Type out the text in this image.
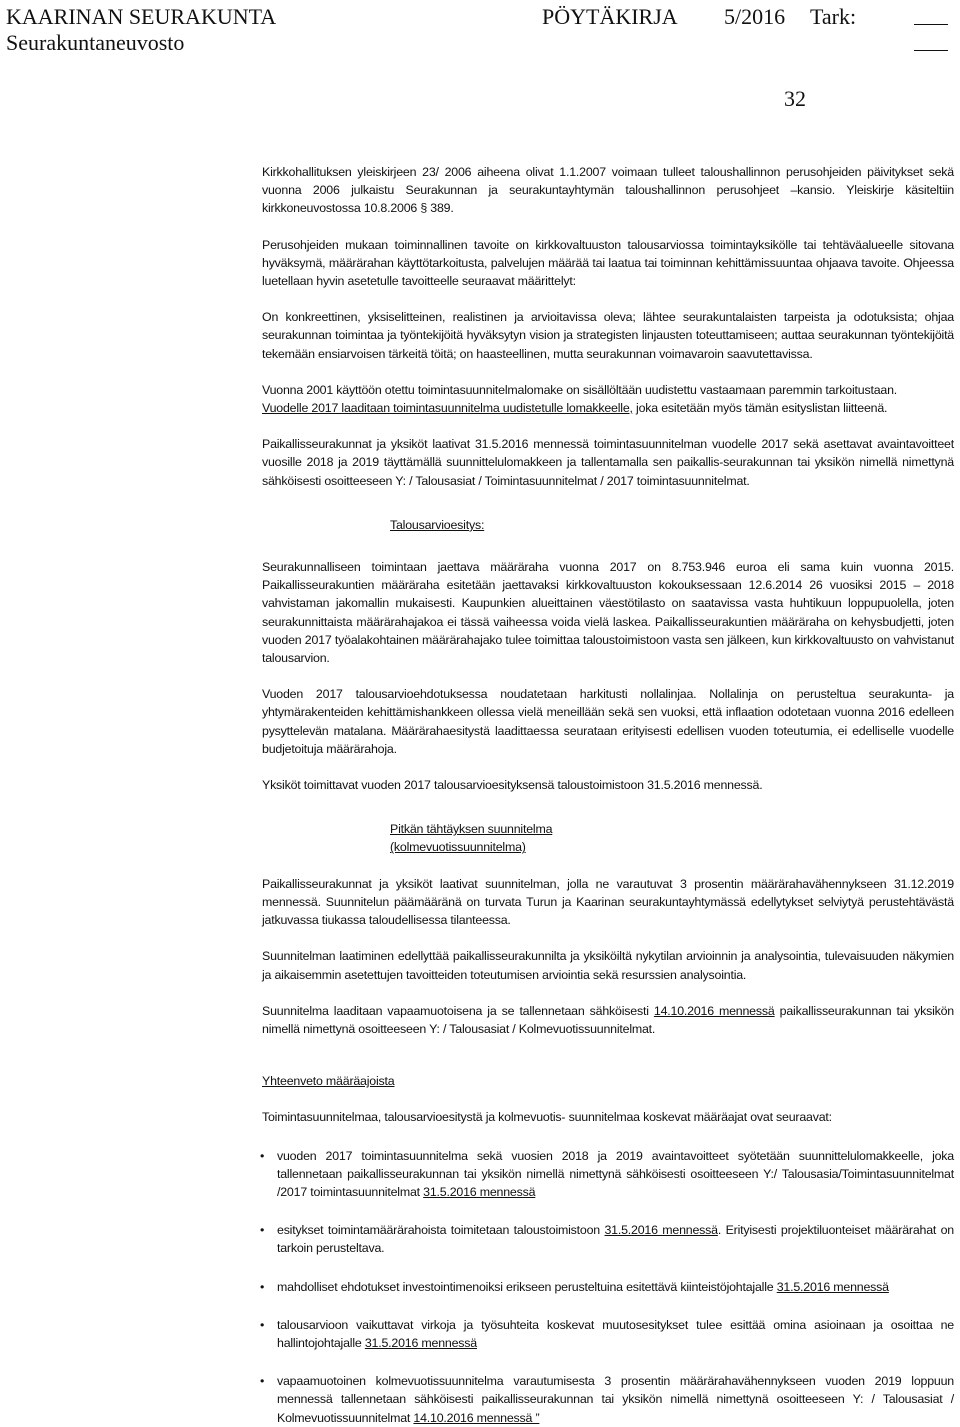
KAARINAN SEURAKUNTA	PÖYTÄKIRJA 5/2016 Tark:
Seurakuntaneuvosto
32

Kirkkohallituksen yleiskirjeen 23/ 2006 aiheena olivat 1.1.2007 voimaan tulleet taloushallinnon perusohjeiden päivitykset sekä vuonna 2006 julkaistu Seurakunnan ja seurakuntayhtymän taloushallinnon perusohjeet –kansio. Yleiskirje käsiteltiin kirkkoneuvostossa 10.8.2006 § 389.

Perusohjeiden mukaan toiminnallinen tavoite on kirkkovaltuuston talousarviossa toimintayksikölle tai tehtäväalueelle sitovana hyväksymä, määrärahan käyttötarkoitusta, palvelujen määrää tai laatua tai toiminnan kehittämissuuntaa ohjaava tavoite. Ohjeessa luetellaan hyvin asetetulle tavoitteelle seuraavat määrittelyt:

On konkreettinen, yksiselitteinen, realistinen ja arvioitavissa oleva; lähtee seurakuntalaisten tarpeista ja odotuksista; ohjaa seurakunnan toimintaa ja työntekijöitä hyväksytyn vision ja strategisten linjausten toteuttamiseen; auttaa seurakunnan työntekijöitä tekemään ensiarvoisen tärkeitä töitä; on haasteellinen, mutta seurakunnan voimavaroin saavutettavissa.

Vuonna 2001 käyttöön otettu toimintasuunnitelmalomake on sisällöltään uudistettu vastaamaan paremmin tarkoitustaan.
Vuodelle 2017 laaditaan toimintasuunnitelma uudistetulle lomakkeelle, joka esitetään myös tämän esityslistan liitteenä.

Paikallisseurakunnat ja yksiköt laativat 31.5.2016 mennessä toimintasuunnitelman vuodelle 2017 sekä asettavat avaintavoitteet vuosille 2018 ja 2019 täyttämällä suunnittelulomakkeen ja tallentamalla sen paikallis-seurakunnan tai yksikön nimellä nimettynä sähköisesti osoitteeseen Y: / Talousasiat / Toimintasuunnitelmat / 2017 toimintasuunnitelmat.

Talousarvioesitys:

Seurakunnalliseen toimintaan jaettava määräraha vuonna 2017 on 8.753.946 euroa eli sama kuin vuonna 2015. Paikallisseurakuntien määräraha esitetään jaettavaksi kirkkovaltuuston kokouksessaan 12.6.2014 26 vuosiksi 2015 – 2018 vahvistaman jakomallin mukaisesti. Kaupunkien alueittainen väestötilasto on saatavissa vasta huhtikuun loppupuolella, joten seurakunnittaista määrärahajakoa ei tässä vaiheessa voida vielä laskea. Paikallisseurakuntien määräraha on kehysbudjetti, joten vuoden 2017 työalakohtainen määrärahajako tulee toimittaa taloustoimistoon vasta sen jälkeen, kun kirkkovaltuusto on vahvistanut talousarvion.

Vuoden 2017 talousarvioehdotuksessa noudatetaan harkitusti nollalinjaa. Nollalinja on perusteltua seurakunta- ja yhtymärakenteiden kehittämishankkeen ollessa vielä meneillään sekä sen vuoksi, että inflaation odotetaan vuonna 2016 edelleen pysyttelevän matalana. Määrärahaesitystä laadittaessa seurataan erityisesti edellisen vuoden toteutumia, ei edelliselle vuodelle budjetoituja määrärahoja.

Yksiköt toimittavat vuoden 2017 talousarvioesityksensä taloustoimistoon 31.5.2016 mennessä.

Pitkän tähtäyksen suunnitelma
(kolmevuotissuunnitelma)

Paikallisseurakunnat ja yksiköt laativat suunnitelman, jolla ne varautuvat 3 prosentin määrärahavähennykseen 31.12.2019 mennessä. Suunnitelun päämääränä on turvata Turun ja Kaarinan seurakuntayhtymässä edellytykset selviytyä perustehtävästä jatkuvassa tiukassa taloudellisessa tilanteessa.

Suunnitelman laatiminen edellyttää paikallisseurakunnilta ja yksiköiltä nykytilan arvioinnin ja analysointia, tulevaisuuden näkymien ja aikaisemmin asetettujen tavoitteiden toteutumisen arviointia sekä resurssien analysointia.

Suunnitelma laaditaan vapaamuotoisena ja se tallennetaan sähköisesti 14.10.2016 mennessä paikallisseurakunnan tai yksikön nimellä nimettynä osoitteeseen Y: / Talousasiat / Kolmevuotissuunnitelmat.

Yhteenveto määräajoista

Toimintasuunnitelmaa, talousarvioesitystä ja kolmevuotis- suunnitelmaa koskevat määräajat ovat seuraavat:

•	vuoden 2017 toimintasuunnitelma sekä vuosien 2018 ja 2019 avaintavoitteet syötetään suunnittelulomakkeelle, joka tallennetaan paikallisseurakunnan tai yksikön nimellä nimettynä sähköisesti osoitteeseen Y:/ Talousasia/Toimintasuunnitelmat /2017 toimintasuunnitelmat 31.5.2016 mennessä
•	esitykset toimintamäärärahoista toimitetaan taloustoimistoon 31.5.2016 mennessä. Erityisesti projektiluonteiset määrärahat on tarkoin perusteltava.
•	mahdolliset ehdotukset investointimenoiksi erikseen perusteltuina esitettävä kiinteistöjohtajalle 31.5.2016 mennessä
•	talousarvioon vaikuttavat virkoja ja työsuhteita koskevat muutosesitykset tulee esittää omina asioinaan ja osoittaa ne hallintojohtajalle 31.5.2016 mennessä
•	vapaamuotoinen kolmevuotissuunnitelma varautumisesta 3 prosentin määrärahavähennykseen vuoden 2019 loppuun mennessä tallennetaan sähköisesti paikallisseurakunnan tai yksikön nimellä nimettynä osoitteeseen Y: / Talousasiat / Kolmevuotissuunnitelmat 14.10.2016 mennessä ”
